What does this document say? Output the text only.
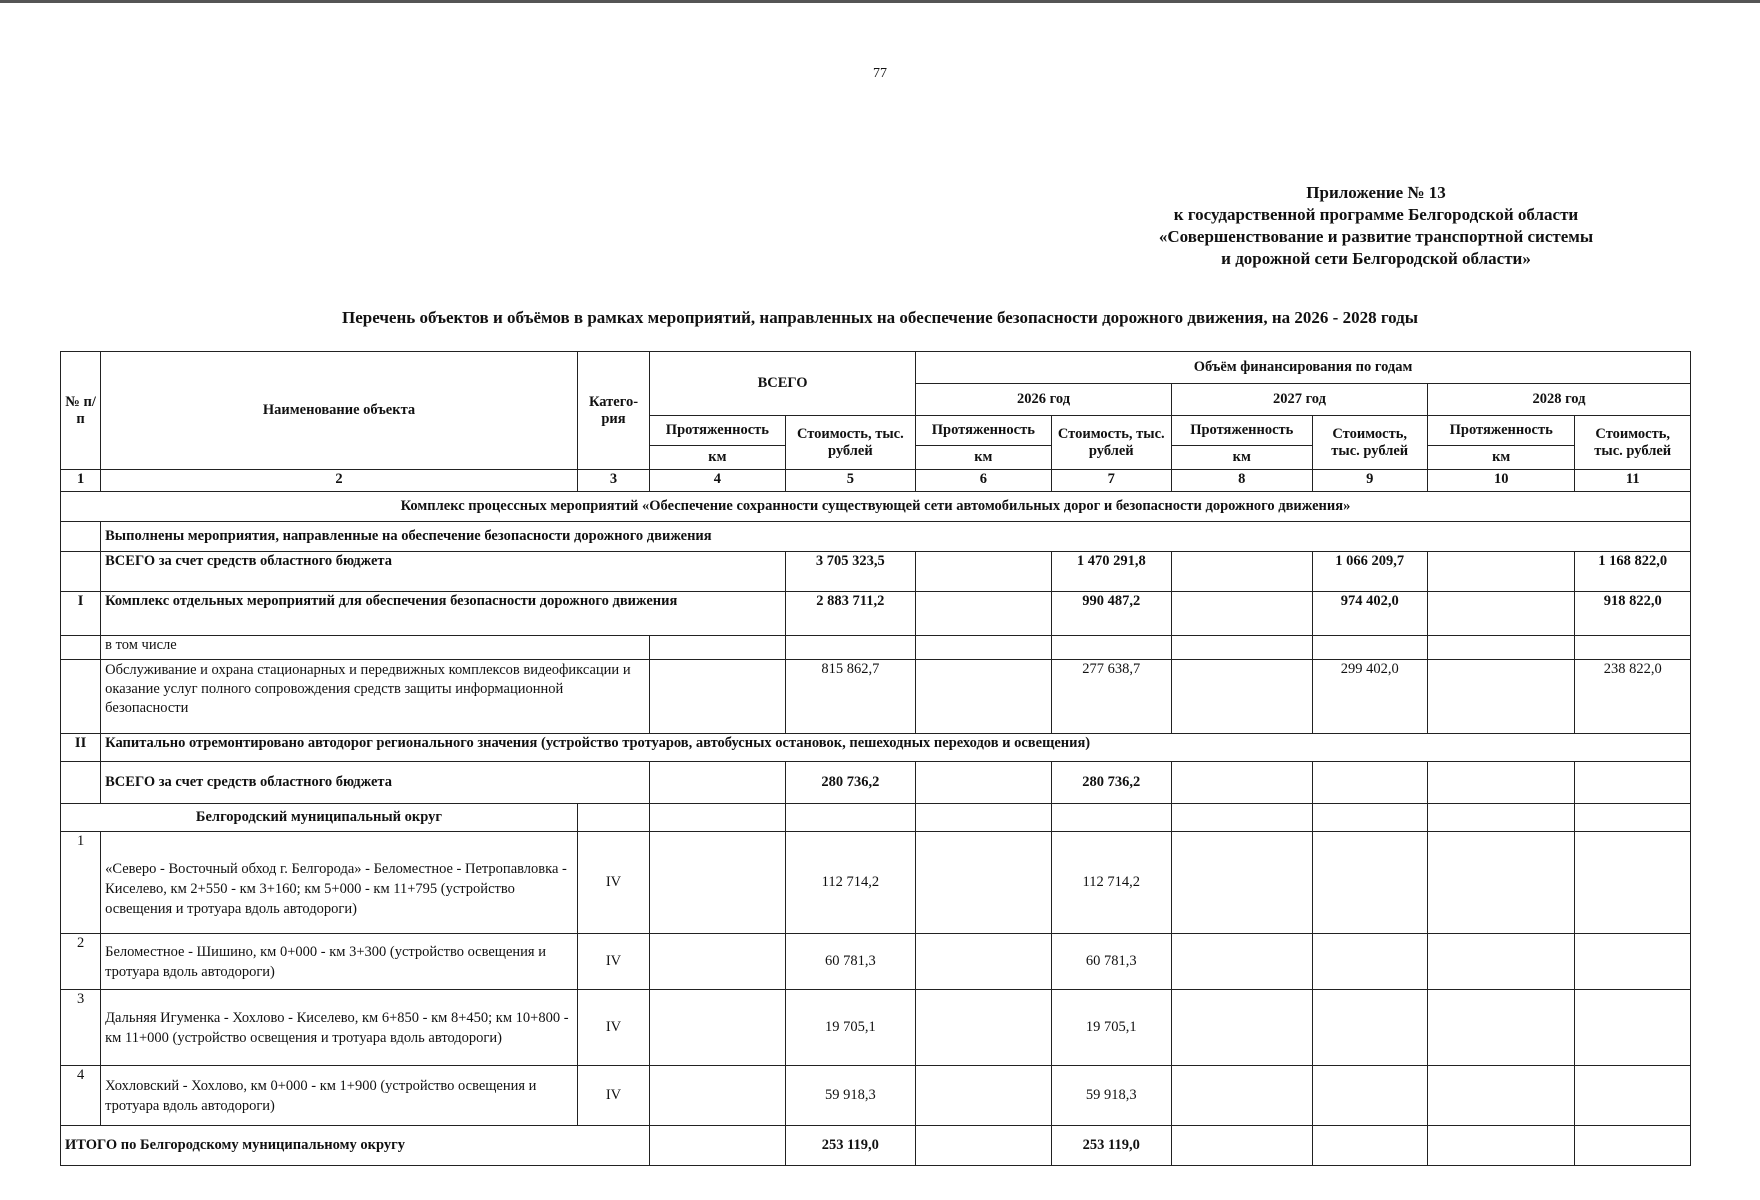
77
Приложение № 13
к государственной программе Белгородской области
«Совершенствование и развитие транспортной системы
и дорожной сети Белгородской области»
Перечень объектов и объёмов в рамках мероприятий, направленных на обеспечение безопасности дорожного движения, на 2026 - 2028 годы
№ п/п	Наименование объекта	Катего-рия	ВСЕГО		Объём финансирования по годам					
					2026 год		2027 год		2028 год	
			Протяженность	Стоимость, тыс. рублей	Протяженность	Стоимость, тыс. рублей	Протяженность	Стоимость, тыс. рублей	Протяженность	Стоимость, тыс. рублей
			км		км		км		км	
1	2	3	4	5	6	7	8	9	10	11
Комплекс процессных мероприятий «Обеспечение сохранности существующей сети автомобильных дорог и безопасности дорожного движения»										
	Выполнены мероприятия, направленные на обеспечение безопасности дорожного движения									
	ВСЕГО за счет средств областного бюджета			3 705 323,5		1 470 291,8		1 066 209,7		1 168 822,0
I	Комплекс отдельных мероприятий для обеспечения безопасности дорожного движения			2 883 711,2		990 487,2		974 402,0		918 822,0
	в том числе									
	Обслуживание и охрана стационарных и передвижных комплексов видеофиксации и оказание услуг полного сопровождения средств защиты информационной безопасности			815 862,7		277 638,7		299 402,0		238 822,0
II	Капитально отремонтировано автодорог регионального значения (устройство тротуаров, автобусных остановок, пешеходных переходов и освещения)									
	ВСЕГО за счет средств областного бюджета			280 736,2		280 736,2				
Белгородский муниципальный округ										
1	«Северо - Восточный обход г. Белгорода» - Беломестное - Петропавловка - Киселево, км 2+550 - км 3+160; км 5+000 - км 11+795 (устройство освещения и тротуара вдоль автодороги)	IV		112 714,2		112 714,2				
2	Беломестное - Шишино, км 0+000 - км 3+300 (устройство освещения и тротуара вдоль автодороги)	IV		60 781,3		60 781,3				
3	Дальняя Игуменка - Хохлово - Киселево, км 6+850 - км 8+450; км 10+800 - км 11+000 (устройство освещения и тротуара вдоль автодороги)	IV		19 705,1		19 705,1				
4	Хохловский - Хохлово, км 0+000 - км 1+900 (устройство освещения и тротуара вдоль автодороги)	IV		59 918,3		59 918,3				
ИТОГО по Белгородскому муниципальному округу				253 119,0		253 119,0				
